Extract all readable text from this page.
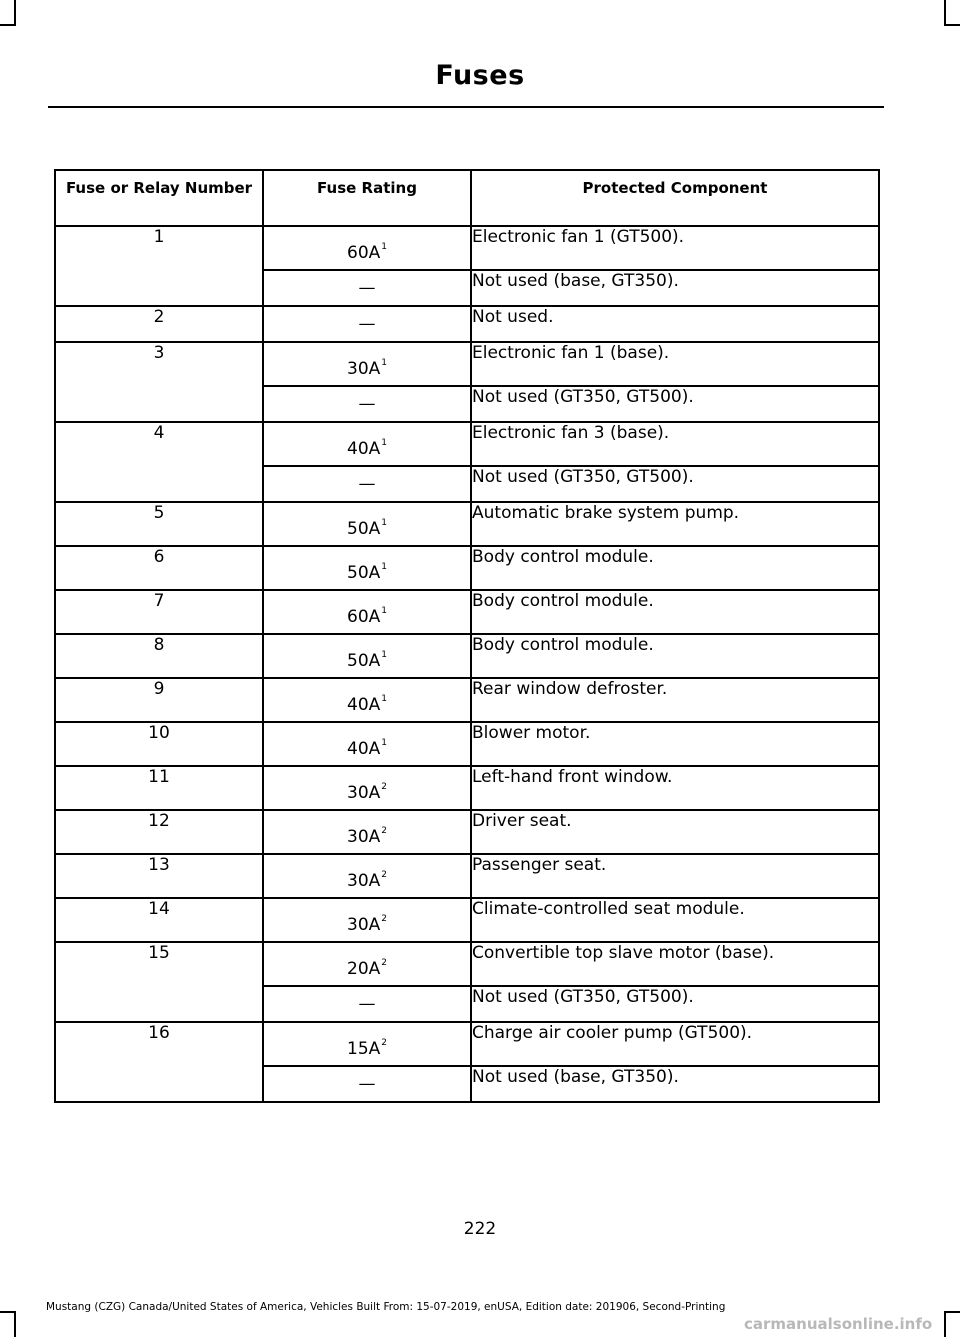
Fuses
Fuse or Relay Number	Fuse Rating	Protected Component
1	60A$^1$	Electronic fan 1 (GT500).
	—	Not used (base, GT350).
2	—	Not used.
3	30A$^1$	Electronic fan 1 (base).
	—	Not used (GT350, GT500).
4	40A$^1$	Electronic fan 3 (base).
	—	Not used (GT350, GT500).
5	50A$^1$	Automatic brake system pump.
6	50A$^1$	Body control module.
7	60A$^1$	Body control module.
8	50A$^1$	Body control module.
9	40A$^1$	Rear window defroster.
10	40A$^1$	Blower motor.
11	30A$^2$	Left-hand front window.
12	30A$^2$	Driver seat.
13	30A$^2$	Passenger seat.
14	30A$^2$	Climate-controlled seat module.
15	20A$^2$	Convertible top slave motor (base).
	—	Not used (GT350, GT500).
16	15A$^2$	Charge air cooler pump (GT500).
	—	Not used (base, GT350).
222
Mustang (CZG) Canada/United States of America, Vehicles Built From: 15-07-2019, enUSA, Edition date: 201906, Second-Printing
carmanualsonline.info
